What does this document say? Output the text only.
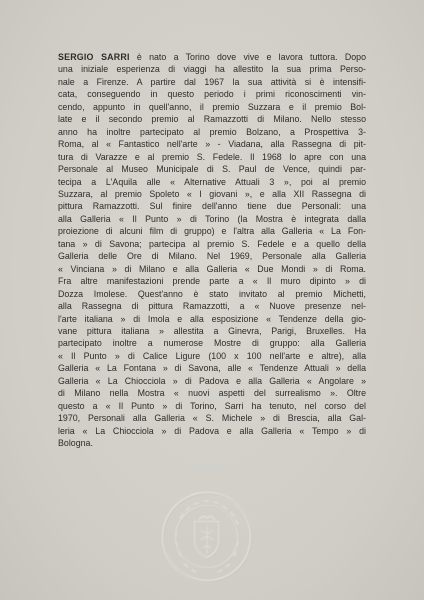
SERGIO SARRI è nato a Torino dove vive e lavora tuttora. Dopo
una iniziale esperienza di viaggi ha allestito la sua prima Perso-
nale a Firenze. A partire dal 1967 la sua attività si è intensifi-
cata, conseguendo in questo periodo i primi riconoscimenti vin-
cendo, appunto in quell'anno, il premio Suzzara e il premio Bol-
late e il secondo premio al Ramazzotti di Milano. Nello stesso
anno ha inoltre partecipato al premio Bolzano, a Prospettiva 3-
Roma, al « Fantastico nell'arte » - Viadana, alla Rassegna di pit-
tura di Varazze e al premio S. Fedele. Il 1968 lo apre con una
Personale al Museo Municipale di S. Paul de Vence, quindi par-
tecipa a L'Aquila alle « Alternative Attuali 3 », poi al premio
Suzzara, al premio Spoleto « I giovani », e alla XII Rassegna di
pittura Ramazzotti. Sul finire dell'anno tiene due Personali: una
alla Galleria « Il Punto » di Torino (la Mostra è integrata dalla
proiezione di alcuni film di gruppo) e l'altra alla Galleria « La Fon-
tana » di Savona; partecipa al premio S. Fedele e a quello della
Galleria delle Ore di Milano. Nel 1969, Personale alla Galleria
« Vinciana » di Milano e alla Galleria « Due Mondi » di Roma.
Fra altre manifestazioni prende parte a « Il muro dipinto » di
Dozza Imolese. Quest'anno è stato invitato al premio Michetti,
alla Rassegna di pittura Ramazzotti, a « Nuove presenze nel-
l'arte italiana » di Imola e alla esposizione « Tendenze della gio-
vane pittura italiana » allestita a Ginevra, Parigi, Bruxelles. Ha
partecipato inoltre a numerose Mostre di gruppo: alla Galleria
« Il Punto » di Calice Ligure (100 x 100 nell'arte e altre), alla
Galleria « La Fontana » di Savona, alle « Tendenze Attuali » della
Galleria « La Chiocciola » di Padova e alla Galleria « Angolare »
di Milano nella Mostra « nuovi aspetti del surrealismo ». Oltre
questo a « Il Punto » di Torino, Sarri ha tenuto, nel corso del
1970, Personali alla Galleria « S. Michele » di Brescia, alla Gal-
leria « La Chiocciola » di Padova e alla Galleria « Tempo » di
Bologna.
